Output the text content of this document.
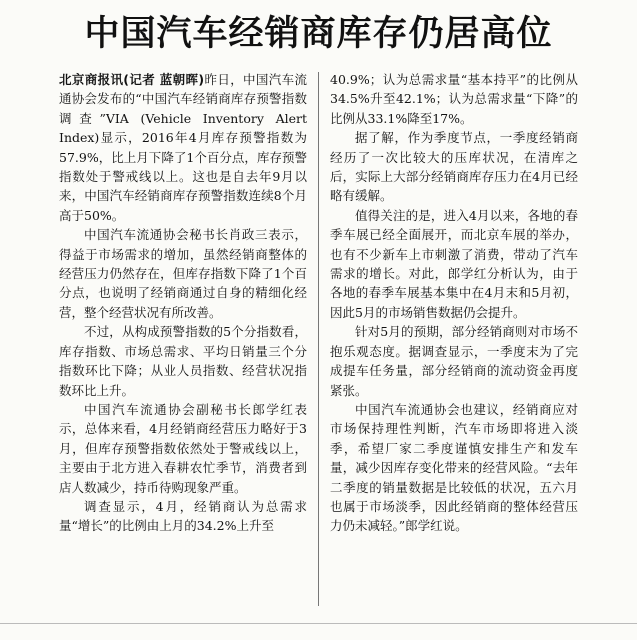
中国汽车经销商库存仍居高位

北京商报讯(记者 蓝朝晖)昨日，中国汽车流通协会发布的“中国汽车经销商库存预警指数调查”VIA (Vehicle Inventory Alert Index)显示，2016年4月库存预警指数为57.9%，比上月下降了1个百分点，库存预警指数处于警戒线以上。这也是自去年9月以来，中国汽车经销商库存预警指数连续8个月高于50%。

中国汽车流通协会秘书长肖政三表示，得益于市场需求的增加，虽然经销商整体的经营压力仍然存在，但库存指数下降了1个百分点，也说明了经销商通过自身的精细化经营，整个经营状况有所改善。

不过，从构成预警指数的5个分指数看，库存指数、市场总需求、平均日销量三个分指数环比下降；从业人员指数、经营状况指数环比上升。

中国汽车流通协会副秘书长郎学红表示，总体来看，4月经销商经营压力略好于3月，但库存预警指数依然处于警戒线以上，主要由于北方进入春耕农忙季节，消费者到店人数减少，持币待购现象严重。

调查显示，4月，经销商认为总需求量“增长”的比例由上月的34.2%上升至

40.9%；认为总需求量“基本持平”的比例从34.5%升至42.1%；认为总需求量“下降”的比例从33.1%降至17%。

据了解，作为季度节点，一季度经销商经历了一次比较大的压库状况，在清库之后，实际上大部分经销商库存压力在4月已经略有缓解。

值得关注的是，进入4月以来，各地的春季车展已经全面展开，而北京车展的举办，也有不少新车上市刺激了消费，带动了汽车需求的增长。对此，郎学红分析认为，由于各地的春季车展基本集中在4月末和5月初，因此5月的市场销售数据仍会提升。

针对5月的预期，部分经销商则对市场不抱乐观态度。据调查显示，一季度末为了完成提车任务量，部分经销商的流动资金再度紧张。

中国汽车流通协会也建议，经销商应对市场保持理性判断，汽车市场即将进入淡季，希望厂家二季度谨慎安排生产和发车量，减少因库存变化带来的经营风险。“去年二季度的销量数据是比较低的状况，五六月也属于市场淡季，因此经销商的整体经营压力仍未减轻。”郎学红说。
